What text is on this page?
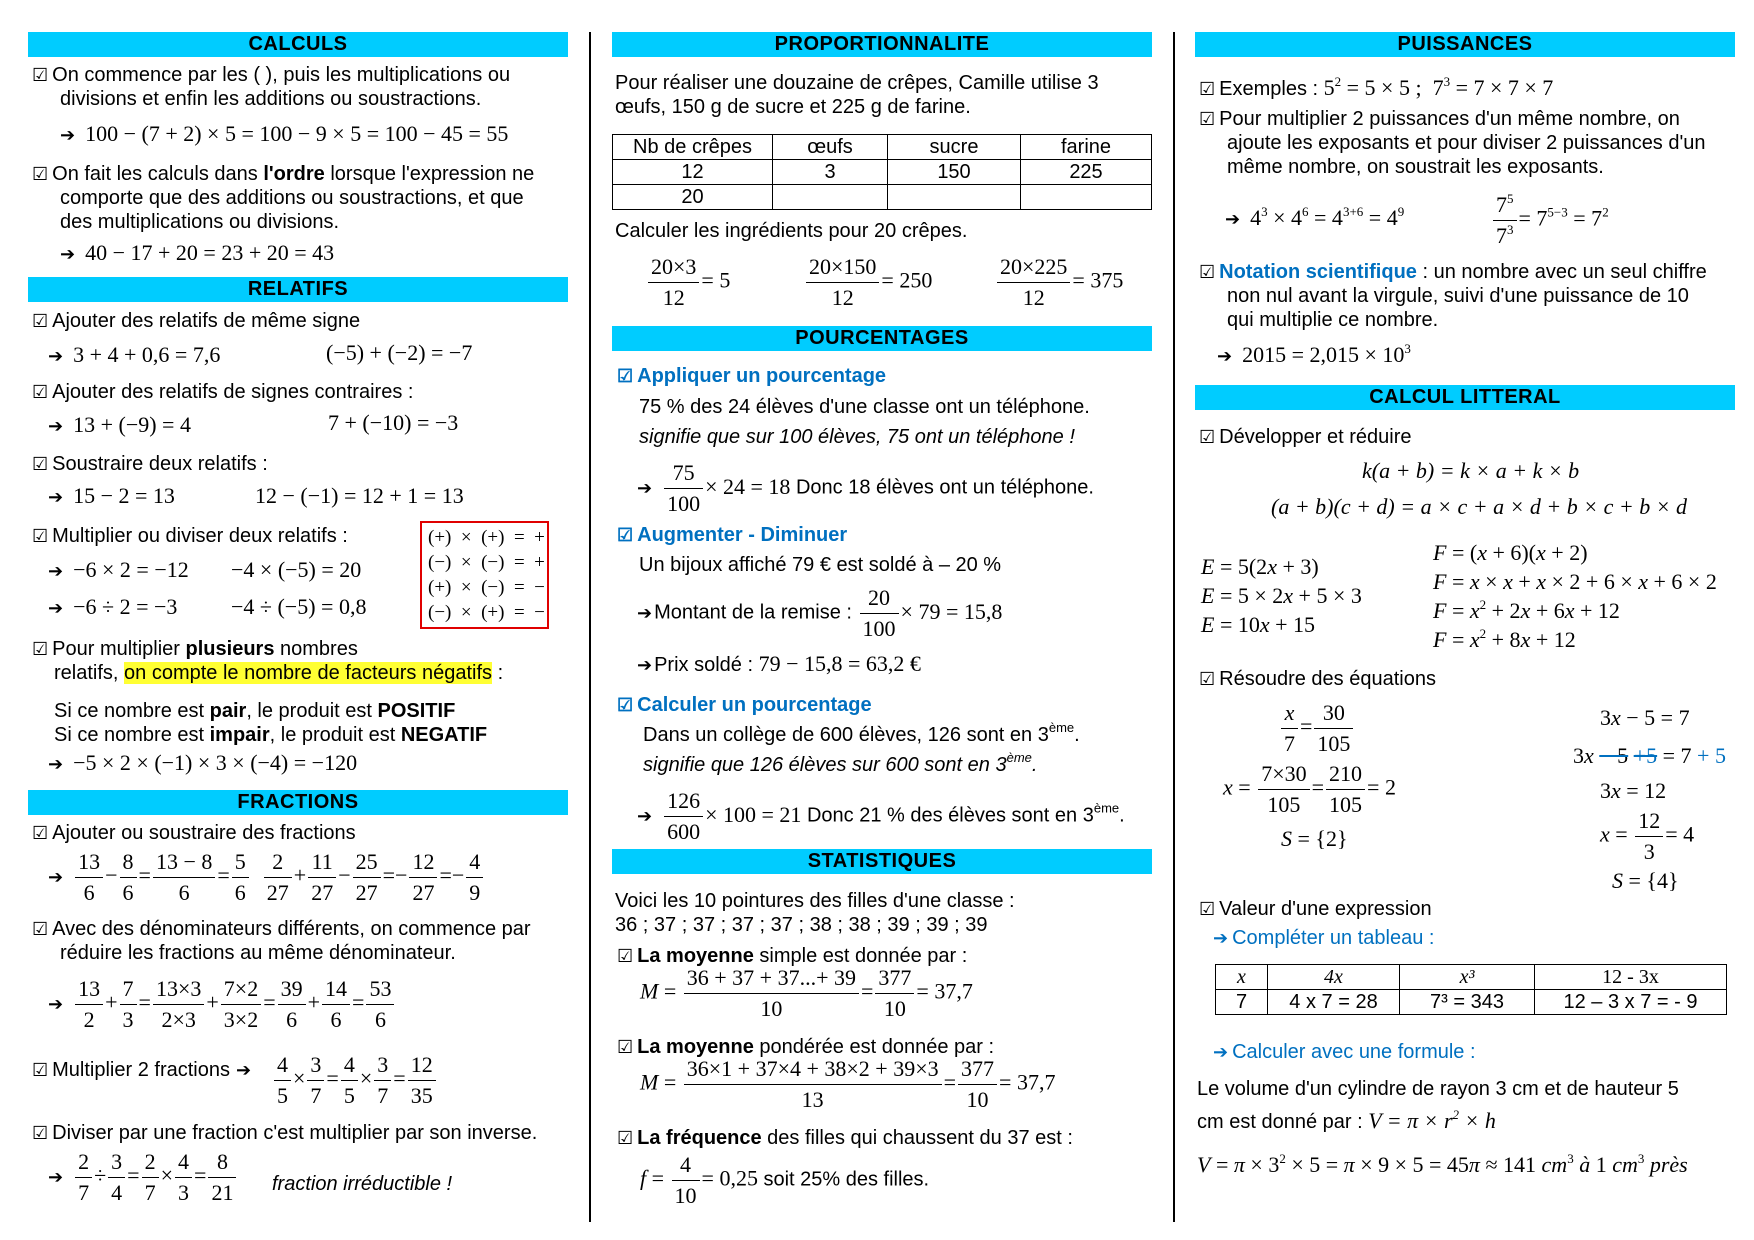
CALCULS
☑ On commence par les ( ), puis les multiplications ou
divisions et enfin les additions ou soustractions.
➔ 100 − (7 + 2) × 5 = 100 − 9 × 5 = 100 − 45 = 55
☑ On fait les calculs dans l'ordre lorsque l'expression ne
comporte que des additions ou soustractions, et que
des multiplications ou divisions.
➔ 40 − 17 + 20 = 23 + 20 = 43
RELATIFS
☑ Ajouter des relatifs de même signe
➔ 3 + 4 + 0,6 = 7,6	(−5) + (−2) = −7
☑ Ajouter des relatifs de signes contraires :
➔ 13 + (−9) = 4	7 + (−10) = −3
☑ Soustraire deux relatifs :
➔ 15 − 2 = 13	12 − (−1) = 12 + 1 = 13
☑ Multiplier ou diviser deux relatifs :
➔ −6 × 2 = −12 −4 × (−5) = 20
➔ −6 ÷ 2 = −3 −4 ÷ (−5) = 0,8
(+)  ×  (+)  =  +
(−)  ×  (−)  =  +
(+)  ×  (−)  =  −
(−)  ×  (+)  =  −
☑ Pour multiplier plusieurs nombres
relatifs, on compte le nombre de facteurs négatifs :
Si ce nombre est pair, le produit est POSITIF
Si ce nombre est impair, le produit est NEGATIF
➔ −5 × 2 × (−1) × 3 × (−4) = −120
FRACTIONS
☑ Ajouter ou soustraire des fractions
➔ $\frac{13}{6} - \frac{8}{6} = \frac{13 - 8}{6} = \frac{5}{6}$
$\frac{2}{27} + \frac{11}{27} - \frac{25}{27} =- \frac{12}{27} =- \frac{4}{9}$
☑ Avec des dénominateurs différents, on commence par
réduire les fractions au même dénominateur.
➔ $\frac{13}{2} + \frac{7}{3} = \frac{13\times 3}{2\times 3} + \frac{7\times 2}{3\times 2} = \frac{39}{6} + \frac{14}{6} = \frac{53}{6}$
☑ Multiplier 2 fractions ➔	$\frac{4}{5} \times \frac{3}{7} = \frac{4}{5} \times \frac{3}{7} = \frac{12}{35}$
☑ Diviser par une fraction c'est multiplier par son inverse.
➔ $\frac{2}{7} \div \frac{3}{4} = \frac{2}{7} \times \frac{4}{3} = \frac{8}{21}$ fraction irréductible !
PROPORTIONNALITE
Pour réaliser une douzaine de crêpes, Camille utilise 3
œufs, 150 g de sucre et 225 g de farine.
Nb de crêpes	œufs	sucre	farine
12	3	150	225
20			
Calculer les ingrédients pour 20 crêpes.
$\frac{20\times 3}{12} = 5$	$\frac{20\times 150}{12} = 250$	$\frac{20\times 225}{12} = 375$
POURCENTAGES
☑ Appliquer un pourcentage
75 % des 24 élèves d'une classe ont un téléphone.
signifie que sur 100 élèves, 75 ont un téléphone !
➔ $\frac{75}{100} \times 24 = 18$ Donc 18 élèves ont un téléphone.
☑ Augmenter - Diminuer
Un bijoux affiché 79 € est soldé à – 20 %
➔ Montant de la remise : $\frac{20}{100} \times 79 = 15,8$
➔ Prix soldé : 79 − 15,8 = 63,2 €
☑ Calculer un pourcentage
Dans un collège de 600 élèves, 126 sont en 3ème.
signifie que 126 élèves sur 600 sont en 3ème.
➔ $\frac{126}{600} \times 100 = 21$ Donc 21 % des élèves sont en 3ème.
STATISTIQUES
Voici les 10 pointures des filles d'une classe :
36 ; 37 ; 37 ; 37 ; 37 ; 38 ; 38 ; 39 ; 39 ; 39
☑ La moyenne simple est donnée par :
$M = \frac{36 + 37 + 37...+ 39}{10} = \frac{377}{10} = 37,7$
☑ La moyenne pondérée est donnée par :
$M = \frac{36\times 1 + 37\times 4 + 38\times 2 + 39\times 3}{13} = \frac{377}{10} = 37,7$
☑ La fréquence des filles qui chaussent du 37 est :
$f = \frac{4}{10} = 0,25$ soit 25% des filles.
PUISSANCES
☑ Exemples : $5^2 = 5 \times 5$ ;  $7^3 = 7 \times 7 \times 7$
☑ Pour multiplier 2 puissances d'un même nombre, on
ajoute les exposants et pour diviser 2 puissances d'un
même nombre, on soustrait les exposants.
➔ $4^3 \times 4^6 = 4^{3+6} = 4^9$	$\frac{7^5}{7^3} = 7^{5-3} = 7^2$
☑ Notation scientifique : un nombre avec un seul chiffre
non nul avant la virgule, suivi d'une puissance de 10
qui multiplie ce nombre.
➔ $2015 = 2,015 \times 10^3$
CALCUL LITTERAL
☑ Développer et réduire
k(a + b) = k × a + k × b
(a + b)(c + d) = a × c + a × d + b × c + b × d
E = 5(2x + 3)
E = 5 × 2x + 5 × 3
E = 10x + 15
F = (x + 6)(x + 2)
F = x × x + x × 2 + 6 × x + 6 × 2
$F = x^2 + 2x + 6x + 12$
$F = x^2 + 8x + 12$
☑ Résoudre des équations
$\frac{x}{7} = \frac{30}{105}$
$x = \frac{7\times 30}{105} = \frac{210}{105} = 2$
S = {2}
3x − 5 = 7
3x − 5 +5 = 7 + 5
3x = 12
$x = \frac{12}{3} = 4$
S = {4}
☑ Valeur d'une expression
➔ Compléter un tableau :
x	4x	x³	12 - 3x
7	4 x 7 = 28	7³ = 343	12 – 3 x 7 = - 9
➔ Calculer avec une formule :
Le volume d'un cylindre de rayon 3 cm et de hauteur 5
cm est donné par : $V = \pi \times r^2 \times h$
$V = \pi \times 3^2 \times 5 = \pi \times 9 \times 5 = 45\pi \approx 141$ $cm^3$ à 1 $cm^3$ près
